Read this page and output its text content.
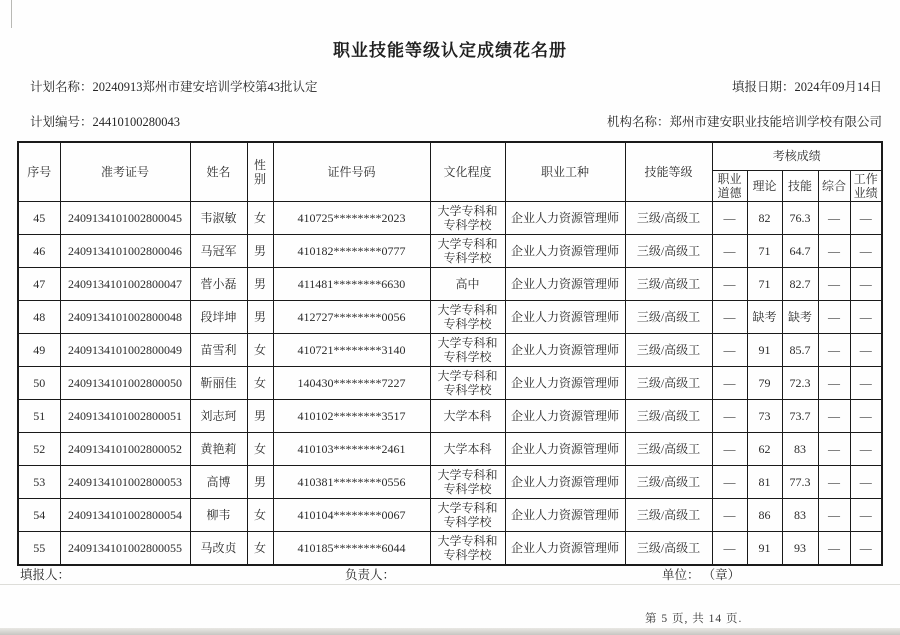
职业技能等级认定成绩花名册
计划名称：20240913郑州市建安培训学校第43批认定	填报日期：2024年09月14日
计划编号：24410100280043	机构名称：郑州市建安职业技能培训学校有限公司
序号	准考证号	姓名	性别	证件号码	文化程度	职业工种	技能等级	考核成绩				
								职业道德	理论	技能	综合	工作业绩
45	2409134101002800045	韦淑敏	女	410725********2023	大学专科和专科学校	企业人力资源管理师	三级/高级工	—	82	76.3	—	—
46	2409134101002800046	马冠军	男	410182********0777	大学专科和专科学校	企业人力资源管理师	三级/高级工	—	71	64.7	—	—
47	2409134101002800047	菅小磊	男	411481********6630	高中	企业人力资源管理师	三级/高级工	—	71	82.7	—	—
48	2409134101002800048	段坢坤	男	412727********0056	大学专科和专科学校	企业人力资源管理师	三级/高级工	—	缺考	缺考	—	—
49	2409134101002800049	苗雪利	女	410721********3140	大学专科和专科学校	企业人力资源管理师	三级/高级工	—	91	85.7	—	—
50	2409134101002800050	靳丽佳	女	140430********7227	大学专科和专科学校	企业人力资源管理师	三级/高级工	—	79	72.3	—	—
51	2409134101002800051	刘志珂	男	410102********3517	大学本科	企业人力资源管理师	三级/高级工	—	73	73.7	—	—
52	2409134101002800052	黄艳莉	女	410103********2461	大学本科	企业人力资源管理师	三级/高级工	—	62	83	—	—
53	2409134101002800053	高博	男	410381********0556	大学专科和专科学校	企业人力资源管理师	三级/高级工	—	81	77.3	—	—
54	2409134101002800054	柳韦	女	410104********0067	大学专科和专科学校	企业人力资源管理师	三级/高级工	—	86	83	—	—
55	2409134101002800055	马改贞	女	410185********6044	大学专科和专科学校	企业人力资源管理师	三级/高级工	—	91	93	—	—
填报人：	负责人：	单位： （章）
第 5 页, 共 14 页.
